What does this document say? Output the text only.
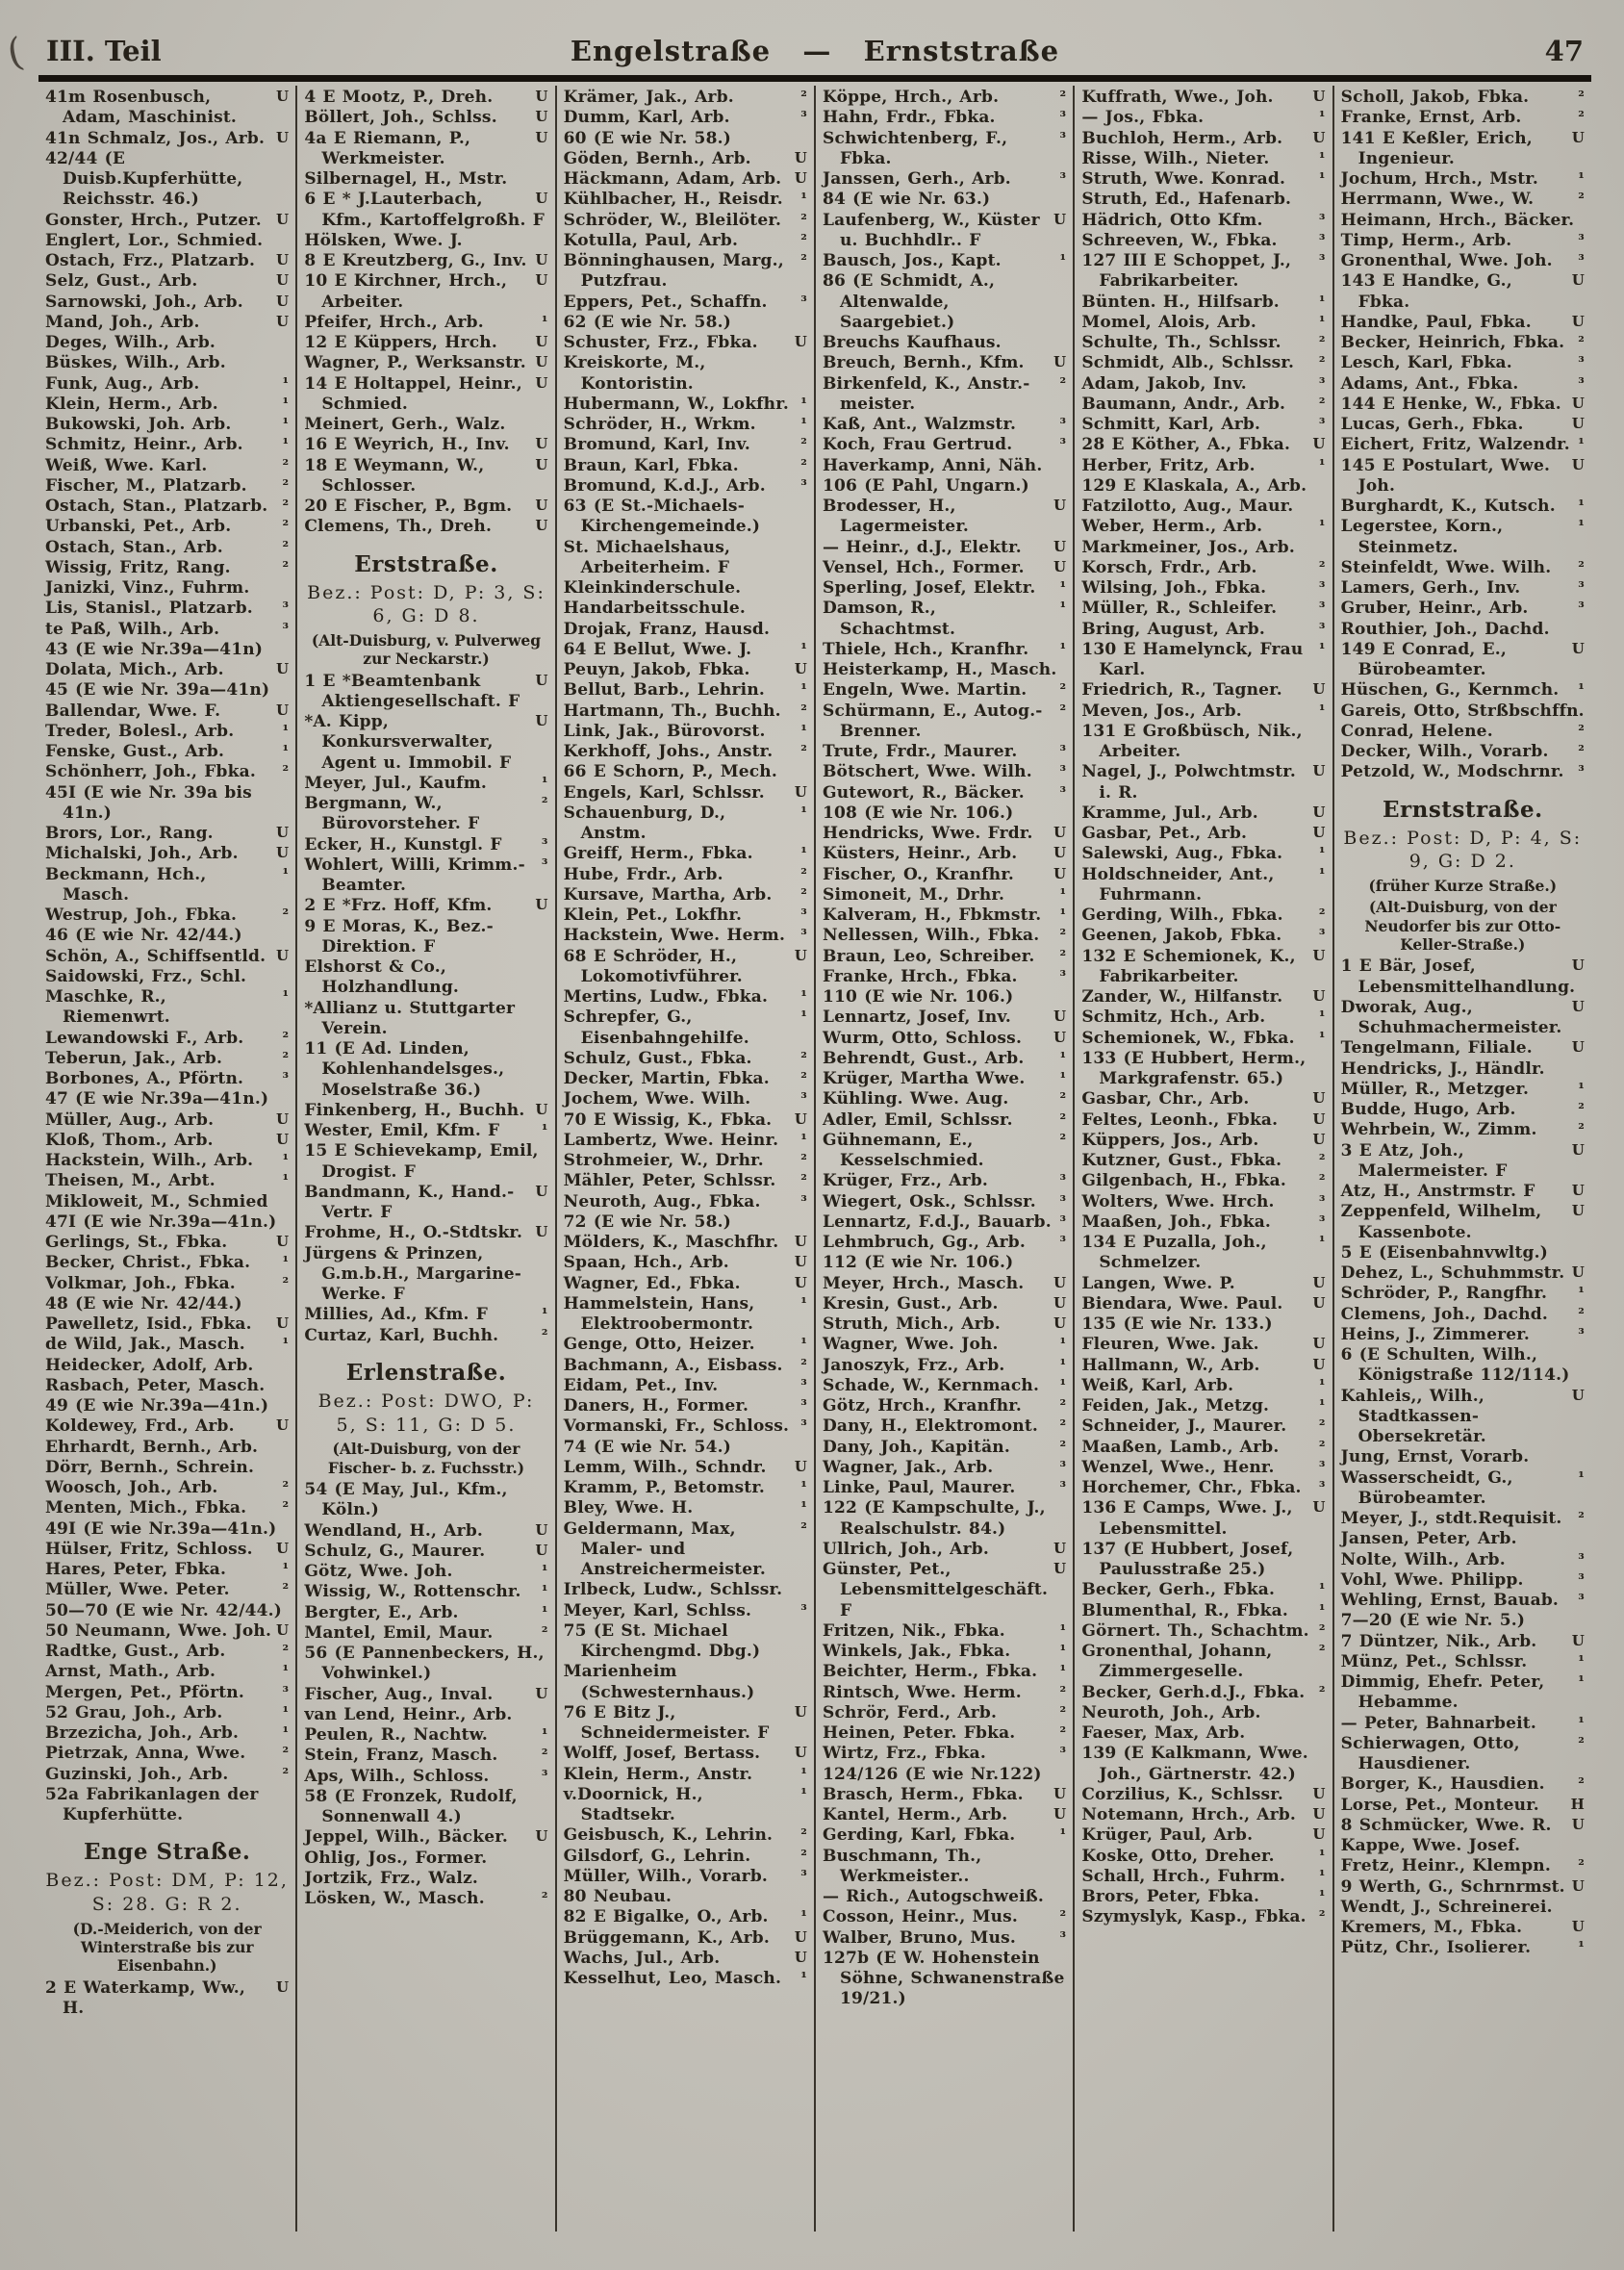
( III. Teil	Engelstraße — Ernststraße	47
U
41m Rosenbusch, Adam, Maschinist.
U
41n Schmalz, Jos., Arb.
42/44 (E Duisb.Kupferhütte, Reichsstr. 46.)
U
Gonster, Hrch., Putzer.
Englert, Lor., Schmied.
U
Ostach, Frz., Platzarb.
U
Selz, Gust., Arb.
U
Sarnowski, Joh., Arb.
U
Mand, Joh., Arb.
Deges, Wilh., Arb.
Büskes, Wilh., Arb.
¹
Funk, Aug., Arb.
¹
Klein, Herm., Arb.
¹
Bukowski, Joh. Arb.
¹
Schmitz, Heinr., Arb.
²
Weiß, Wwe. Karl.
²
Fischer, M., Platzarb.
²
Ostach, Stan., Platzarb.
²
Urbanski, Pet., Arb.
²
Ostach, Stan., Arb.
²
Wissig, Fritz, Rang.
Janizki, Vinz., Fuhrm.
³
Lis, Stanisl., Platzarb.
³
te Paß, Wilh., Arb.
43 (E wie Nr.39a—41n)
U
Dolata, Mich., Arb.
45 (E wie Nr. 39a—41n)
U
Ballendar, Wwe. F.
¹
Treder, Bolesl., Arb.
¹
Fenske, Gust., Arb.
²
Schönherr, Joh., Fbka.
45I (E wie Nr. 39a bis 41n.)
U
Brors, Lor., Rang.
U
Michalski, Joh., Arb.
¹
Beckmann, Hch., Masch.
²
Westrup, Joh., Fbka.
46 (E wie Nr. 42/44.)
U
Schön, A., Schiffsentld.
Saidowski, Frz., Schl.
¹
Maschke, R., Riemenwrt.
²
Lewandowski F., Arb.
²
Teberun, Jak., Arb.
³
Borbones, A., Pförtn.
47 (E wie Nr.39a—41n.)
U
Müller, Aug., Arb.
U
Kloß, Thom., Arb.
¹
Hackstein, Wilh., Arb.
¹
Theisen, M., Arbt.
Mikloweit, M., Schmied
47I (E wie Nr.39a—41n.)
U
Gerlings, St., Fbka.
¹
Becker, Christ., Fbka.
²
Volkmar, Joh., Fbka.
48 (E wie Nr. 42/44.)
U
Pawelletz, Isid., Fbka.
¹
de Wild, Jak., Masch.
Heidecker, Adolf, Arb.
Rasbach, Peter, Masch.
49 (E wie Nr.39a—41n.)
U
Koldewey, Frd., Arb.
Ehrhardt, Bernh., Arb.
Dörr, Bernh., Schrein.
²
Woosch, Joh., Arb.
²
Menten, Mich., Fbka.
49I (E wie Nr.39a—41n.)
U
Hülser, Fritz, Schloss.
¹
Hares, Peter, Fbka.
²
Müller, Wwe. Peter.
50—70 (E wie Nr. 42/44.)
U
50 Neumann, Wwe. Joh.
²
Radtke, Gust., Arb.
¹
Arnst, Math., Arb.
³
Mergen, Pet., Pförtn.
¹
52 Grau, Joh., Arb.
¹
Brzezicha, Joh., Arb.
²
Pietrzak, Anna, Wwe.
²
Guzinski, Joh., Arb.
52a Fabrikanlagen der Kupferhütte.
Enge Straße.
Bez.: Post: DM, P: 12, S: 28. G: R 2.
(D.-Meiderich, von der Winterstraße bis zur Eisenbahn.)
U
2 E Waterkamp, Ww., H.
U
4 E Mootz, P., Dreh.
U
Böllert, Joh., Schlss.
U
4a E Riemann, P., Werkmeister.
Silbernagel, H., Mstr.
U
6 E * J.Lauterbach, Kfm., Kartoffelgroßh. F
Hölsken, Wwe. J.
U
8 E Kreutzberg, G., Inv.
U
10 E Kirchner, Hrch., Arbeiter.
¹
Pfeifer, Hrch., Arb.
U
12 E Küppers, Hrch.
U
Wagner, P., Werksanstr.
U
14 E Holtappel, Heinr., Schmied.
Meinert, Gerh., Walz.
U
16 E Weyrich, H., Inv.
U
18 E Weymann, W., Schlosser.
U
20 E Fischer, P., Bgm.
U
Clemens, Th., Dreh.
Erststraße.
Bez.: Post: D, P: 3, S: 6, G: D 8.
(Alt-Duisburg, v. Pulverweg zur Neckarstr.)
U
1 E *Beamtenbank Aktiengesellschaft. F
U
*A. Kipp, Konkursverwalter, Agent u. Immobil. F
¹
Meyer, Jul., Kaufm.
²
Bergmann, W., Bürovorsteher. F
³
Ecker, H., Kunstgl. F
³
Wohlert, Willi, Krimm.-Beamter.
U
2 E *Frz. Hoff, Kfm.
9 E Moras, K., Bez.-Direktion. F
Elshorst & Co., Holzhandlung.
*Allianz u. Stuttgarter Verein.
11 (E Ad. Linden, Kohlenhandelsges., Moselstraße 36.)
U
Finkenberg, H., Buchh.
¹
Wester, Emil, Kfm. F
15 E Schievekamp, Emil, Drogist. F
U
Bandmann, K., Hand.-Vertr. F
U
Frohme, H., O.-Stdtskr.
Jürgens & Prinzen, G.m.b.H., Margarine-Werke. F
¹
Millies, Ad., Kfm. F
²
Curtaz, Karl, Buchh.
Erlenstraße.
Bez.: Post: DWO, P: 5, S: 11, G: D 5.
(Alt-Duisburg, von der Fischer- b. z. Fuchsstr.)
54 (E May, Jul., Kfm., Köln.)
U
Wendland, H., Arb.
U
Schulz, G., Maurer.
¹
Götz, Wwe. Joh.
¹
Wissig, W., Rottenschr.
¹
Bergter, E., Arb.
²
Mantel, Emil, Maur.
56 (E Pannenbeckers, H., Vohwinkel.)
U
Fischer, Aug., Inval.
van Lend, Heinr., Arb.
¹
Peulen, R., Nachtw.
²
Stein, Franz, Masch.
³
Aps, Wilh., Schloss.
58 (E Fronzek, Rudolf, Sonnenwall 4.)
U
Jeppel, Wilh., Bäcker.
Ohlig, Jos., Former.
Jortzik, Frz., Walz.
²
Lösken, W., Masch.
²
Krämer, Jak., Arb.
³
Dumm, Karl, Arb.
60 (E wie Nr. 58.)
U
Göden, Bernh., Arb.
U
Häckmann, Adam, Arb.
¹
Kühlbacher, H., Reisdr.
²
Schröder, W., Bleilöter.
²
Kotulla, Paul, Arb.
²
Bönninghausen, Marg., Putzfrau.
³
Eppers, Pet., Schaffn.
62 (E wie Nr. 58.)
U
Schuster, Frz., Fbka.
Kreiskorte, M., Kontoristin.
¹
Hubermann, W., Lokfhr.
¹
Schröder, H., Wrkm.
²
Bromund, Karl, Inv.
²
Braun, Karl, Fbka.
³
Bromund, K.d.J., Arb.
63 (E St.-Michaels-Kirchengemeinde.)
St. Michaelshaus, Arbeiterheim. F
Kleinkinderschule.
Handarbeitsschule.
Drojak, Franz, Hausd.
¹
64 E Bellut, Wwe. J.
U
Peuyn, Jakob, Fbka.
¹
Bellut, Barb., Lehrin.
²
Hartmann, Th., Buchh.
¹
Link, Jak., Bürovorst.
²
Kerkhoff, Johs., Anstr.
66 E Schorn, P., Mech.
U
Engels, Karl, Schlssr.
¹
Schauenburg, D., Anstm.
¹
Greiff, Herm., Fbka.
²
Hube, Frdr., Arb.
²
Kursave, Martha, Arb.
³
Klein, Pet., Lokfhr.
³
Hackstein, Wwe. Herm.
U
68 E Schröder, H., Lokomotivführer.
¹
Mertins, Ludw., Fbka.
¹
Schrepfer, G., Eisenbahngehilfe.
²
Schulz, Gust., Fbka.
²
Decker, Martin, Fbka.
³
Jochem, Wwe. Wilh.
U
70 E Wissig, K., Fbka.
¹
Lambertz, Wwe. Heinr.
²
Strohmeier, W., Drhr.
²
Mähler, Peter, Schlssr.
³
Neuroth, Aug., Fbka.
72 (E wie Nr. 58.)
U
Mölders, K., Maschfhr.
U
Spaan, Hch., Arb.
U
Wagner, Ed., Fbka.
¹
Hammelstein, Hans, Elektroobermontr.
¹
Genge, Otto, Heizer.
²
Bachmann, A., Eisbass.
³
Eidam, Pet., Inv.
³
Daners, H., Former.
³
Vormanski, Fr., Schloss.
74 (E wie Nr. 54.)
U
Lemm, Wilh., Schndr.
¹
Kramm, P., Betomstr.
¹
Bley, Wwe. H.
²
Geldermann, Max, Maler- und Anstreichermeister.
Irlbeck, Ludw., Schlssr.
³
Meyer, Karl, Schlss.
75 (E St. Michael Kirchengmd. Dbg.)
Marienheim (Schwesternhaus.)
U
76 E Bitz J., Schneidermeister. F
U
Wolff, Josef, Bertass.
¹
Klein, Herm., Anstr.
¹
v.Doornick, H., Stadtsekr.
²
Geisbusch, K., Lehrin.
²
Gilsdorf, G., Lehrin.
³
Müller, Wilh., Vorarb.
80 Neubau.
¹
82 E Bigalke, O., Arb.
U
Brüggemann, K., Arb.
U
Wachs, Jul., Arb.
¹
Kesselhut, Leo, Masch.
²
Köppe, Hrch., Arb.
³
Hahn, Frdr., Fbka.
³
Schwichtenberg, F., Fbka.
³
Janssen, Gerh., Arb.
84 (E wie Nr. 63.)
U
Laufenberg, W., Küster u. Buchhdlr.. F
¹
Bausch, Jos., Kapt.
86 (E Schmidt, A., Altenwalde, Saargebiet.)
Breuchs Kaufhaus.
U
Breuch, Bernh., Kfm.
²
Birkenfeld, K., Anstr.-meister.
³
Kaß, Ant., Walzmstr.
³
Koch, Frau Gertrud.
Haverkamp, Anni, Näh.
106 (E Pahl, Ungarn.)
U
Brodesser, H., Lagermeister.
U
— Heinr., d.J., Elektr.
U
Vensel, Hch., Former.
¹
Sperling, Josef, Elektr.
¹
Damson, R., Schachtmst.
¹
Thiele, Hch., Kranfhr.
Heisterkamp, H., Masch.
²
Engeln, Wwe. Martin.
²
Schürmann, E., Autog.-Brenner.
³
Trute, Frdr., Maurer.
³
Bötschert, Wwe. Wilh.
³
Gutewort, R., Bäcker.
108 (E wie Nr. 106.)
U
Hendricks, Wwe. Frdr.
U
Küsters, Heinr., Arb.
U
Fischer, O., Kranfhr.
¹
Simoneit, M., Drhr.
¹
Kalveram, H., Fbkmstr.
²
Nellessen, Wilh., Fbka.
²
Braun, Leo, Schreiber.
³
Franke, Hrch., Fbka.
110 (E wie Nr. 106.)
U
Lennartz, Josef, Inv.
U
Wurm, Otto, Schloss.
¹
Behrendt, Gust., Arb.
¹
Krüger, Martha Wwe.
²
Kühling. Wwe. Aug.
²
Adler, Emil, Schlssr.
²
Gühnemann, E., Kesselschmied.
³
Krüger, Frz., Arb.
³
Wiegert, Osk., Schlssr.
³
Lennartz, F.d.J., Bauarb.
³
Lehmbruch, Gg., Arb.
112 (E wie Nr. 106.)
U
Meyer, Hrch., Masch.
U
Kresin, Gust., Arb.
U
Struth, Mich., Arb.
¹
Wagner, Wwe. Joh.
¹
Janoszyk, Frz., Arb.
¹
Schade, W., Kernmach.
²
Götz, Hrch., Kranfhr.
²
Dany, H., Elektromont.
²
Dany, Joh., Kapitän.
³
Wagner, Jak., Arb.
³
Linke, Paul, Maurer.
122 (E Kampschulte, J., Realschulstr. 84.)
U
Ullrich, Joh., Arb.
U
Günster, Pet., Lebensmittelgeschäft. F
¹
Fritzen, Nik., Fbka.
¹
Winkels, Jak., Fbka.
¹
Beichter, Herm., Fbka.
²
Rintsch, Wwe. Herm.
²
Schrör, Ferd., Arb.
²
Heinen, Peter. Fbka.
³
Wirtz, Frz., Fbka.
124/126 (E wie Nr.122)
U
Brasch, Herm., Fbka.
U
Kantel, Herm., Arb.
¹
Gerding, Karl, Fbka.
Buschmann, Th., Werkmeister..
— Rich., Autogschweiß.
²
Cosson, Heinr., Mus.
³
Walber, Bruno, Mus.
127b (E W. Hohenstein Söhne, Schwanenstraße 19/21.)
U
Kuffrath, Wwe., Joh.
¹
— Jos., Fbka.
U
Buchloh, Herm., Arb.
¹
Risse, Wilh., Nieter.
¹
Struth, Wwe. Konrad.
Struth, Ed., Hafenarb.
³
Hädrich, Otto Kfm.
³
Schreeven, W., Fbka.
³
127 III E Schoppet, J., Fabrikarbeiter.
¹
Bünten. H., Hilfsarb.
¹
Momel, Alois, Arb.
²
Schulte, Th., Schlssr.
²
Schmidt, Alb., Schlssr.
³
Adam, Jakob, Inv.
²
Baumann, Andr., Arb.
³
Schmitt, Karl, Arb.
U
28 E Köther, A., Fbka.
¹
Herber, Fritz, Arb.
129 E Klaskala, A., Arb.
Fatzilotto, Aug., Maur.
¹
Weber, Herm., Arb.
Markmeiner, Jos., Arb.
²
Korsch, Frdr., Arb.
³
Wilsing, Joh., Fbka.
³
Müller, R., Schleifer.
³
Bring, August, Arb.
¹
130 E Hamelynck, Frau Karl.
U
Friedrich, R., Tagner.
¹
Meven, Jos., Arb.
131 E Großbüsch, Nik., Arbeiter.
U
Nagel, J., Polwchtmstr. i. R.
U
Kramme, Jul., Arb.
U
Gasbar, Pet., Arb.
¹
Salewski, Aug., Fbka.
¹
Holdschneider, Ant., Fuhrmann.
²
Gerding, Wilh., Fbka.
³
Geenen, Jakob, Fbka.
U
132 E Schemionek, K., Fabrikarbeiter.
U
Zander, W., Hilfanstr.
¹
Schmitz, Hch., Arb.
¹
Schemionek, W., Fbka.
133 (E Hubbert, Herm., Markgrafenstr. 65.)
U
Gasbar, Chr., Arb.
U
Feltes, Leonh., Fbka.
U
Küppers, Jos., Arb.
²
Kutzner, Gust., Fbka.
²
Gilgenbach, H., Fbka.
³
Wolters, Wwe. Hrch.
³
Maaßen, Joh., Fbka.
¹
134 E Puzalla, Joh., Schmelzer.
U
Langen, Wwe. P.
U
Biendara, Wwe. Paul.
135 (E wie Nr. 133.)
U
Fleuren, Wwe. Jak.
U
Hallmann, W., Arb.
¹
Weiß, Karl, Arb.
¹
Feiden, Jak., Metzg.
²
Schneider, J., Maurer.
²
Maaßen, Lamb., Arb.
³
Wenzel, Wwe., Henr.
³
Horchemer, Chr., Fbka.
U
136 E Camps, Wwe. J., Lebensmittel.
137 (E Hubbert, Josef, Paulusstraße 25.)
¹
Becker, Gerh., Fbka.
¹
Blumenthal, R., Fbka.
²
Görnert. Th., Schachtm.
²
Gronenthal, Johann, Zimmergeselle.
²
Becker, Gerh.d.J., Fbka.
Neuroth, Joh., Arb.
Faeser, Max, Arb.
139 (E Kalkmann, Wwe. Joh., Gärtnerstr. 42.)
U
Corzilius, K., Schlssr.
U
Notemann, Hrch., Arb.
U
Krüger, Paul, Arb.
¹
Koske, Otto, Dreher.
¹
Schall, Hrch., Fuhrm.
¹
Brors, Peter, Fbka.
²
Szymyslyk, Kasp., Fbka.
²
Scholl, Jakob, Fbka.
²
Franke, Ernst, Arb.
U
141 E Keßler, Erich, Ingenieur.
¹
Jochum, Hrch., Mstr.
²
Herrmann, Wwe., W.
Heimann, Hrch., Bäcker.
³
Timp, Herm., Arb.
³
Gronenthal, Wwe. Joh.
U
143 E Handke, G., Fbka.
U
Handke, Paul, Fbka.
²
Becker, Heinrich, Fbka.
³
Lesch, Karl, Fbka.
³
Adams, Ant., Fbka.
U
144 E Henke, W., Fbka.
U
Lucas, Gerh., Fbka.
¹
Eichert, Fritz, Walzendr.
U
145 E Postulart, Wwe. Joh.
¹
Burghardt, K., Kutsch.
¹
Legerstee, Korn., Steinmetz.
²
Steinfeldt, Wwe. Wilh.
³
Lamers, Gerh., Inv.
³
Gruber, Heinr., Arb.
Routhier, Joh., Dachd.
U
149 E Conrad, E., Bürobeamter.
¹
Hüschen, G., Kernmch.
Gareis, Otto, Strßbschffn.
²
Conrad, Helene.
²
Decker, Wilh., Vorarb.
³
Petzold, W., Modschrnr.
Ernststraße.
Bez.: Post: D, P: 4, S: 9, G: D 2.
(früher Kurze Straße.)
(Alt-Duisburg, von der Neudorfer bis zur Otto-Keller-Straße.)
U
1 E Bär, Josef, Lebensmittelhandlung.
U
Dworak, Aug., Schuhmachermeister.
U
Tengelmann, Filiale.
Hendricks, J., Händlr.
¹
Müller, R., Metzger.
²
Budde, Hugo, Arb.
²
Wehrbein, W., Zimm.
U
3 E Atz, Joh., Malermeister. F
U
Atz, H., Anstrmstr. F
U
Zeppenfeld, Wilhelm, Kassenbote.
5 E (Eisenbahnvwltg.)
U
Dehez, L., Schuhmmstr.
¹
Schröder, P., Rangfhr.
²
Clemens, Joh., Dachd.
³
Heins, J., Zimmerer.
6 (E Schulten, Wilh., Königstraße 112/114.)
U
Kahleis,, Wilh., Stadtkassen-Obersekretär.
Jung, Ernst, Vorarb.
¹
Wasserscheidt, G., Bürobeamter.
²
Meyer, J., stdt.Requisit.
Jansen, Peter, Arb.
³
Nolte, Wilh., Arb.
³
Vohl, Wwe. Philipp.
³
Wehling, Ernst, Bauab.
7—20 (E wie Nr. 5.)
U
7 Düntzer, Nik., Arb.
¹
Münz, Pet., Schlssr.
¹
Dimmig, Ehefr. Peter, Hebamme.
¹
— Peter, Bahnarbeit.
²
Schierwagen, Otto, Hausdiener.
²
Borger, K., Hausdien.
H
Lorse, Pet., Monteur.
U
8 Schmücker, Wwe. R.
Kappe, Wwe. Josef.
²
Fretz, Heinr., Klempn.
U
9 Werth, G., Schrnrmst.
Wendt, J., Schreinerei.
U
Kremers, M., Fbka.
¹
Pütz, Chr., Isolierer.
